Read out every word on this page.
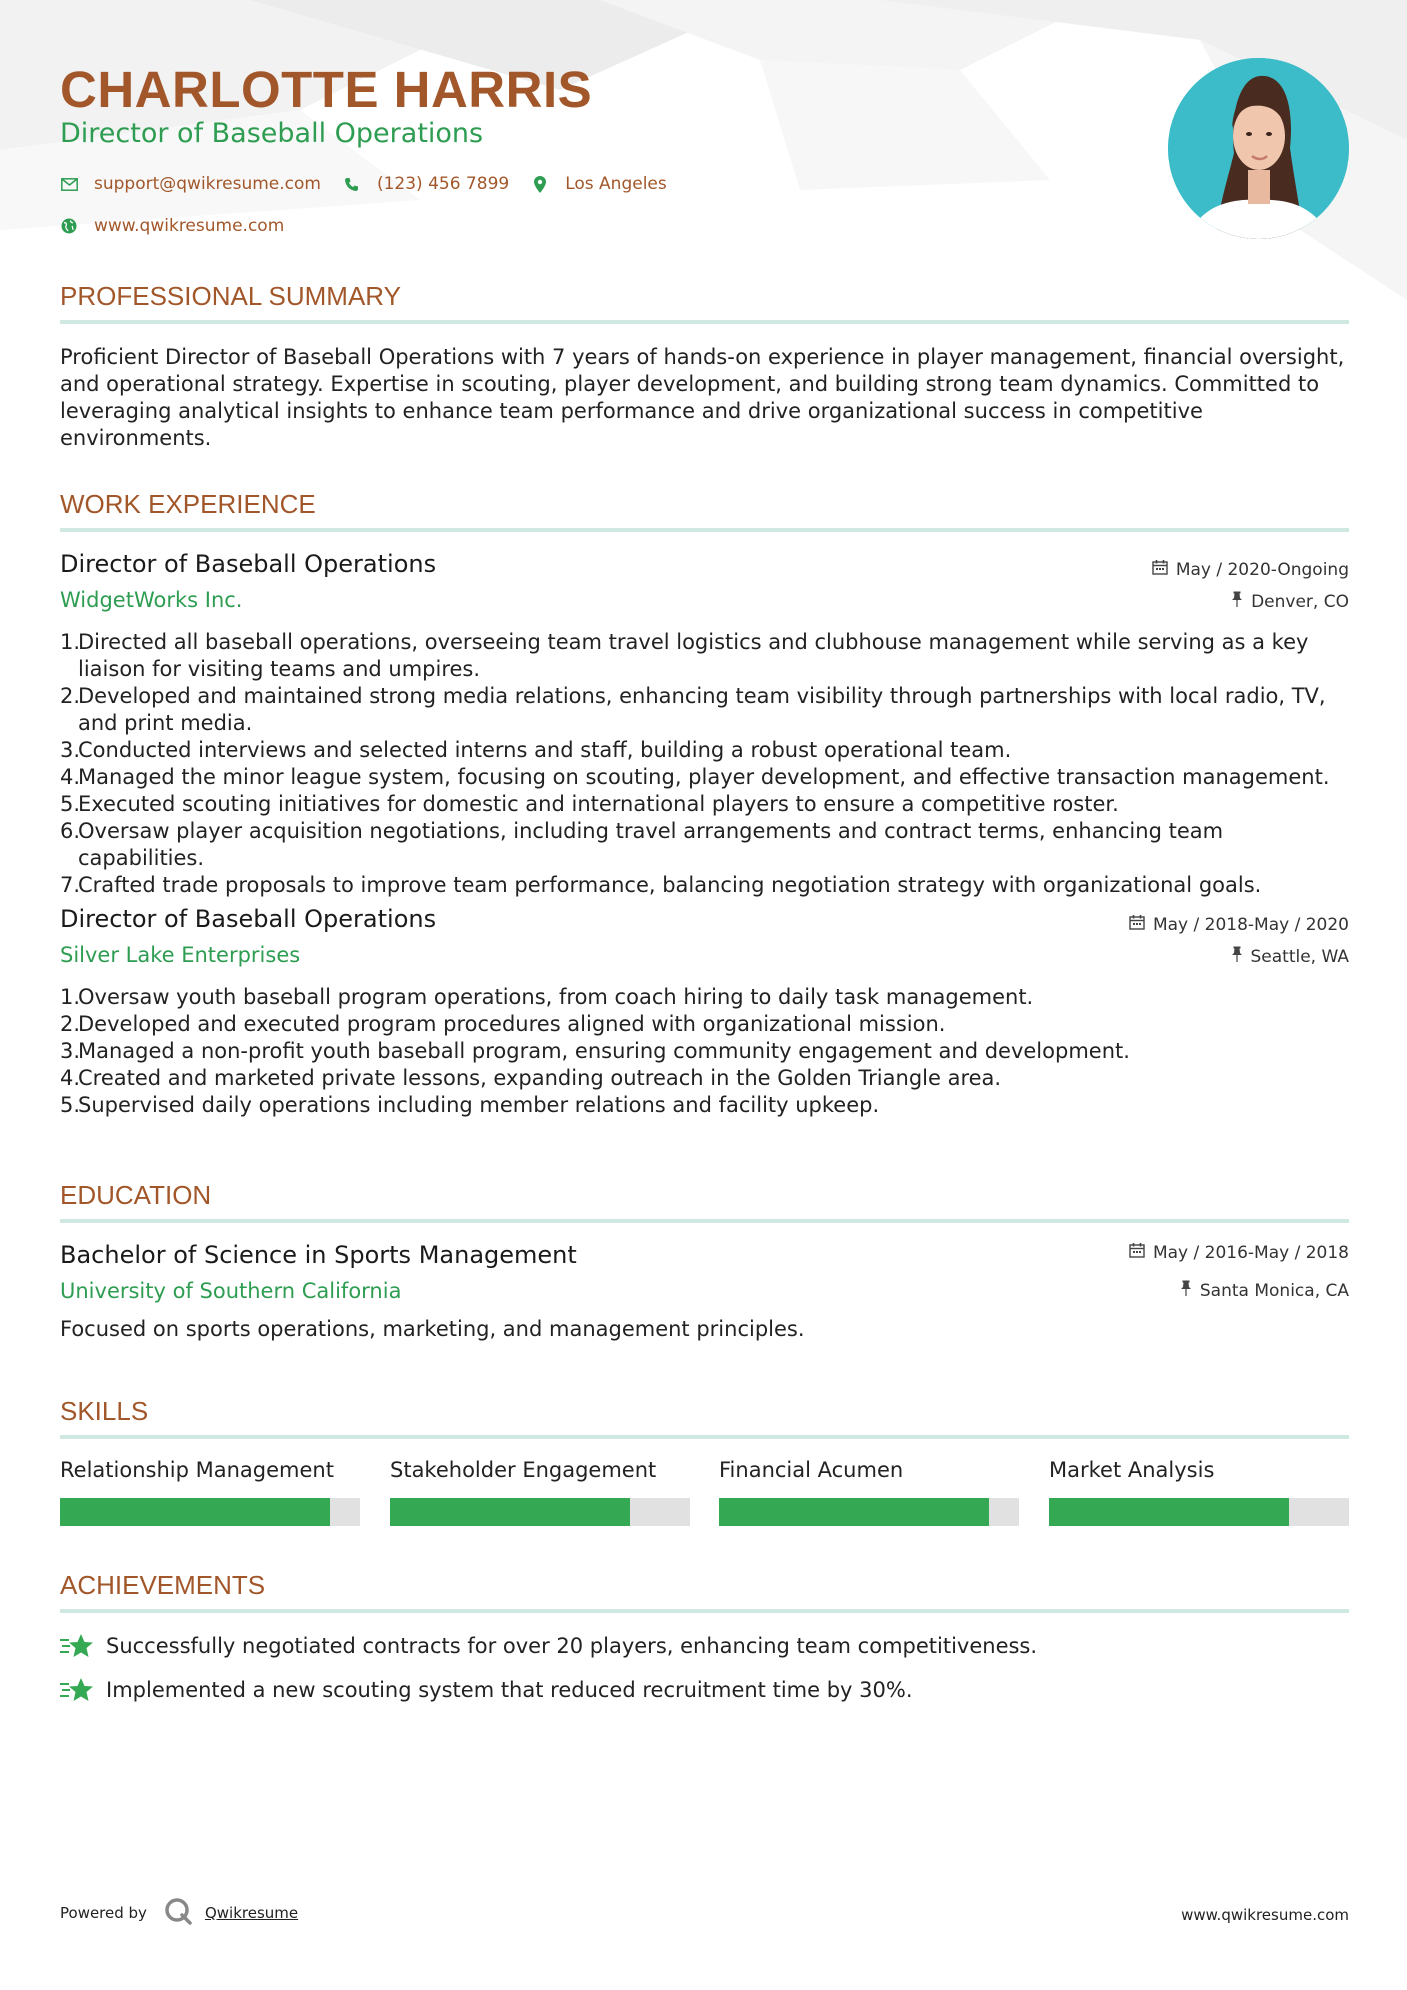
CHARLOTTE HARRIS
Director of Baseball Operations
support@qwikresume.com	(123) 456 7899	Los Angeles
www.qwikresume.com
PROFESSIONAL SUMMARY
Proficient Director of Baseball Operations with 7 years of hands-on experience in player management, financial oversight, and operational strategy. Expertise in scouting, player development, and building strong team dynamics. Committed to leveraging analytical insights to enhance team performance and drive organizational success in competitive environments.
WORK EXPERIENCE
Director of Baseball Operations	May / 2020-Ongoing
WidgetWorks Inc.	Denver, CO
1.
Directed all baseball operations, overseeing team travel logistics and clubhouse management while serving as a key liaison for visiting teams and umpires.
2.
Developed and maintained strong media relations, enhancing team visibility through partnerships with local radio, TV, and print media.
3.
Conducted interviews and selected interns and staff, building a robust operational team.
4.
Managed the minor league system, focusing on scouting, player development, and effective transaction management.
5.
Executed scouting initiatives for domestic and international players to ensure a competitive roster.
6.
Oversaw player acquisition negotiations, including travel arrangements and contract terms, enhancing team capabilities.
7.
Crafted trade proposals to improve team performance, balancing negotiation strategy with organizational goals.
Director of Baseball Operations	May / 2018-May / 2020
Silver Lake Enterprises	Seattle, WA
1.
Oversaw youth baseball program operations, from coach hiring to daily task management.
2.
Developed and executed program procedures aligned with organizational mission.
3.
Managed a non-profit youth baseball program, ensuring community engagement and development.
4.
Created and marketed private lessons, expanding outreach in the Golden Triangle area.
5.
Supervised daily operations including member relations and facility upkeep.
EDUCATION
Bachelor of Science in Sports Management	May / 2016-May / 2018
University of Southern California	Santa Monica, CA
Focused on sports operations, marketing, and management principles.
SKILLS
Relationship Management	Stakeholder Engagement	Financial Acumen	Market Analysis
ACHIEVEMENTS
Successfully negotiated contracts for over 20 players, enhancing team competitiveness.
Implemented a new scouting system that reduced recruitment time by 30%.
Powered by	Qwikresume	www.qwikresume.com
